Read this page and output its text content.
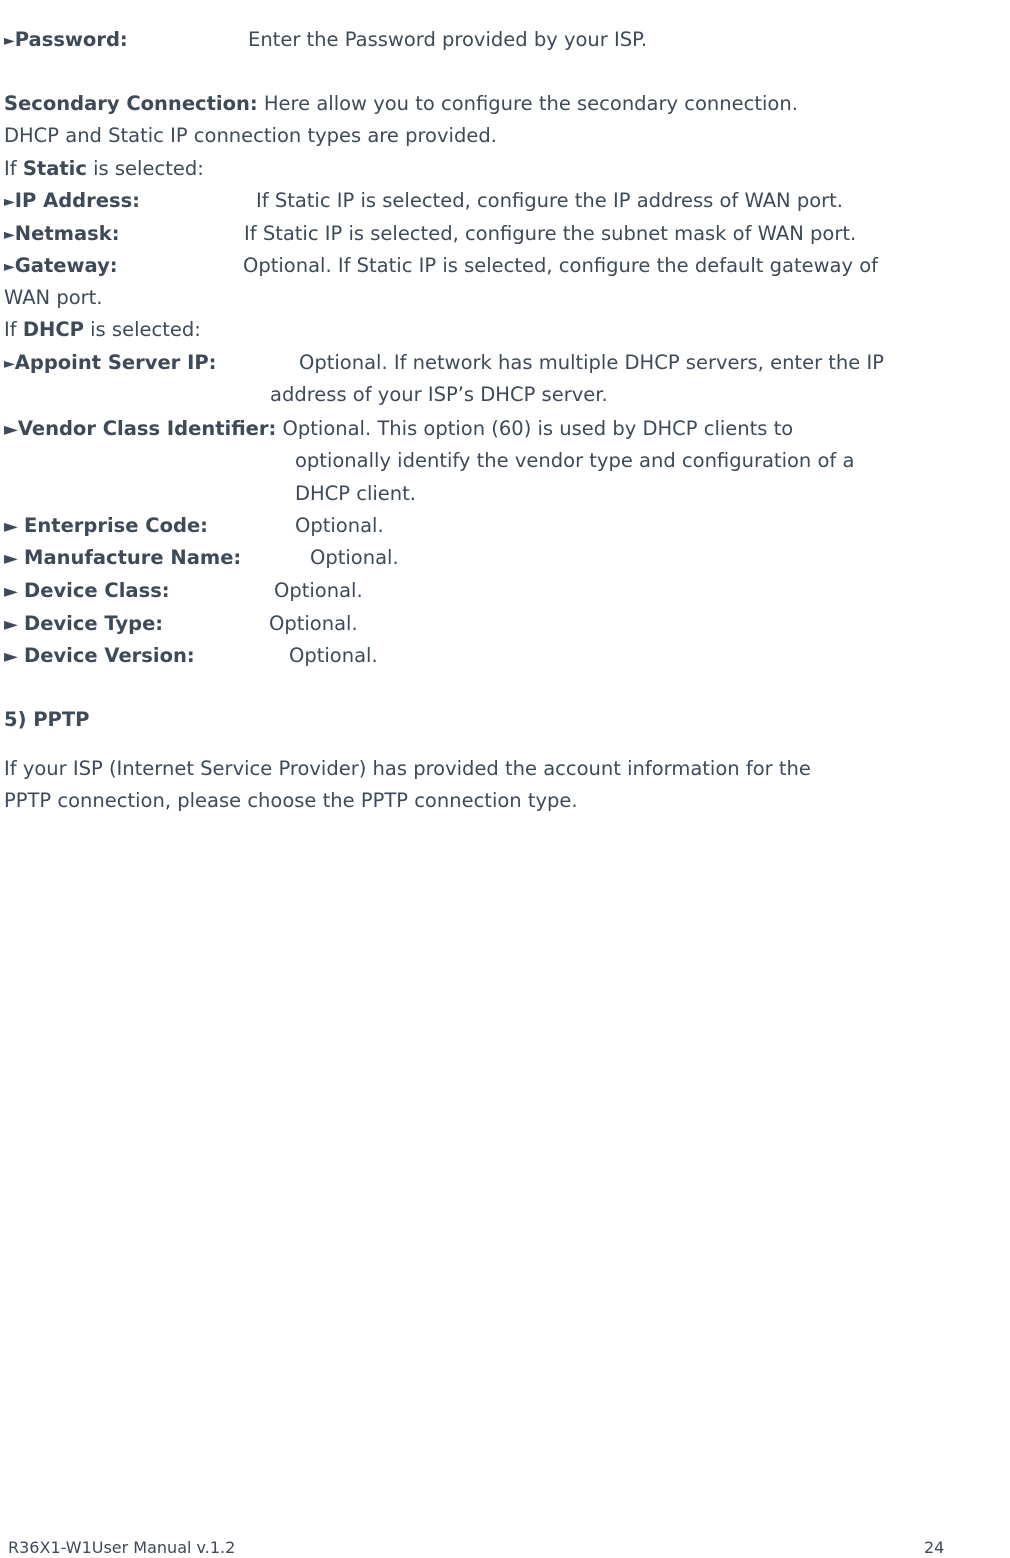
►Password:	Enter the Password provided by your ISP.
Secondary Connection: Here allow you to configure the secondary connection.
DHCP and Static IP connection types are provided.
If Static is selected:
►IP Address:	If Static IP is selected, configure the IP address of WAN port.
►Netmask:	If Static IP is selected, configure the subnet mask of WAN port.
►Gateway:	Optional. If Static IP is selected, configure the default gateway of
WAN port.
If DHCP is selected:
►Appoint Server IP:	Optional. If network has multiple DHCP servers, enter the IP
address of your ISP’s DHCP server.
►Vendor Class Identifier: Optional. This option (60) is used by DHCP clients to
optionally identify the vendor type and configuration of a
DHCP client.
► Enterprise Code:	Optional.
► Manufacture Name:	Optional.
► Device Class:	Optional.
► Device Type:	Optional.
► Device Version:	Optional.
5) PPTP
If your ISP (Internet Service Provider) has provided the account information for the
PPTP connection, please choose the PPTP connection type.
R36X1-W1User Manual v.1.2	24
